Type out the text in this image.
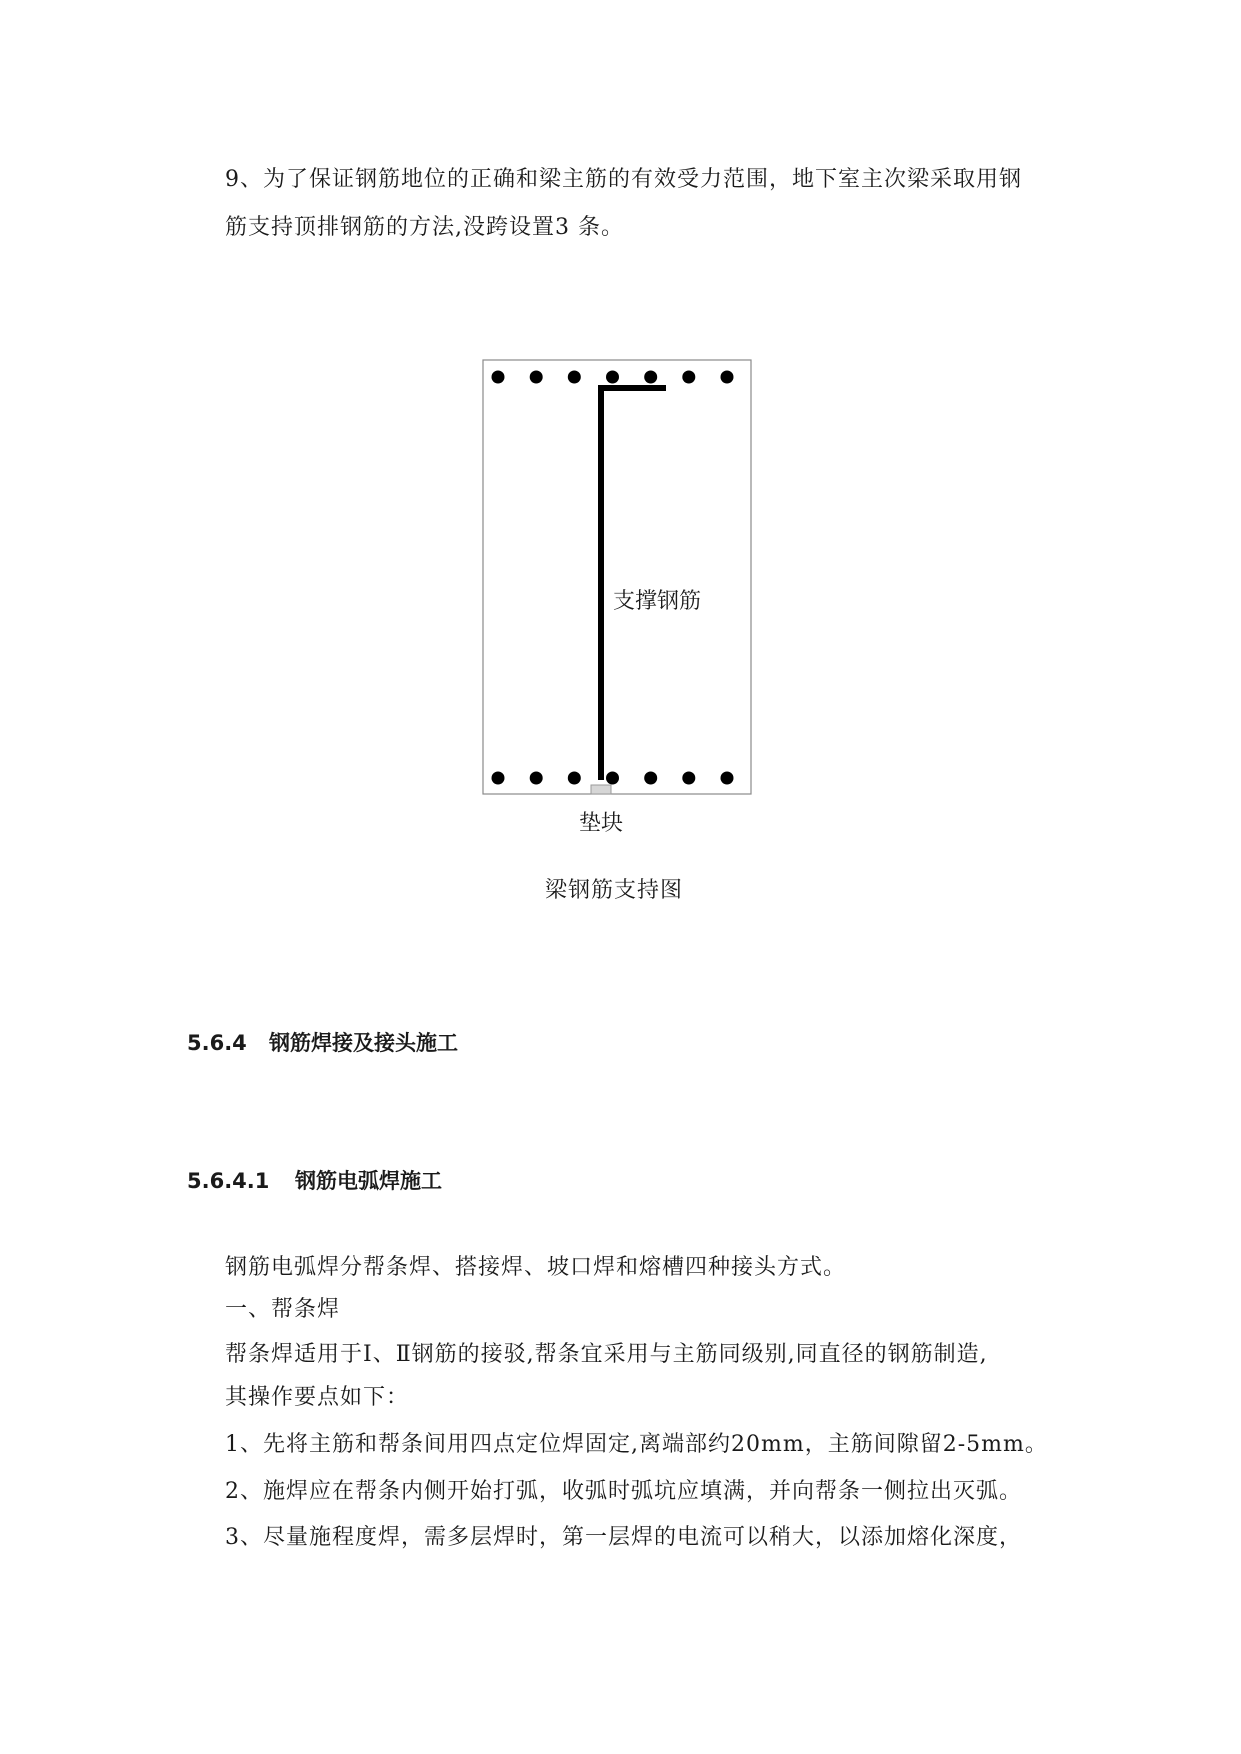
9、为了保证钢筋地位的正确和梁主筋的有效受力范围，地下室主次梁采取用钢
筋支持顶排钢筋的方法,没跨设置3 条。
支撑钢筋
垫块
梁钢筋支持图
5.6.4 钢筋焊接及接头施工
5.6.4.1 钢筋电弧焊施工
钢筋电弧焊分帮条焊、搭接焊、坡口焊和熔槽四种接头方式。
一、帮条焊
帮条焊适用于Ⅰ、Ⅱ钢筋的接驳,帮条宜采用与主筋同级别,同直径的钢筋制造,
其操作要点如下：
1、先将主筋和帮条间用四点定位焊固定,离端部约20mm，主筋间隙留2-5mm。
2、施焊应在帮条内侧开始打弧，收弧时弧坑应填满，并向帮条一侧拉出灭弧。
3、尽量施程度焊，需多层焊时，第一层焊的电流可以稍大，以添加熔化深度，
